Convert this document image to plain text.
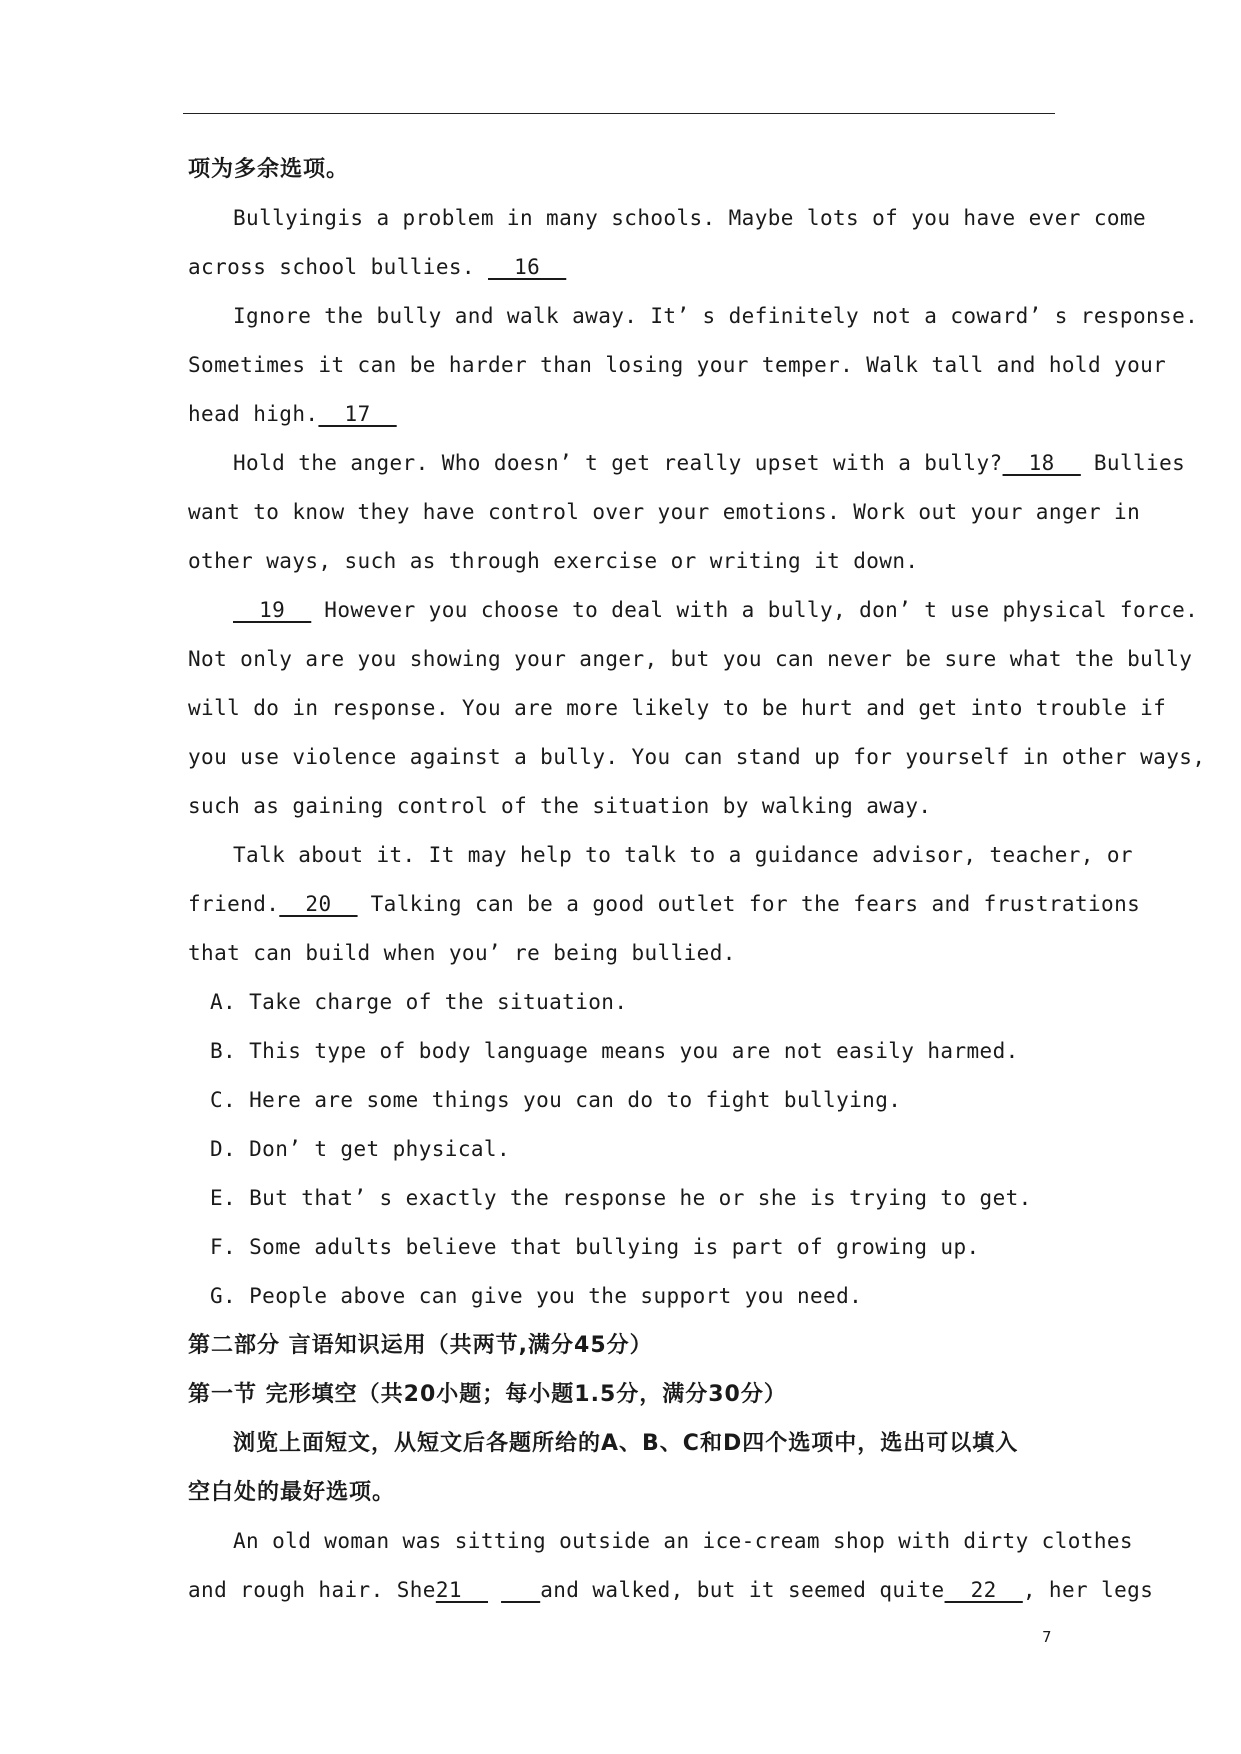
项为多余选项。
Bullyingis a problem in many schools. Maybe lots of you have ever come
across school bullies.   16
Ignore the bully and walk away. It’ s definitely not a coward’ s response.
Sometimes it can be harder than losing your temper. Walk tall and hold your
head high.  17
Hold the anger. Who doesn’ t get really upset with a bully?  18   Bullies
want to know they have control over your emotions. Work out your anger in
other ways, such as through exercise or writing it down.
19   However you choose to deal with a bully, don’ t use physical force.
Not only are you showing your anger, but you can never be sure what the bully
will do in response. You are more likely to be hurt and get into trouble if
you use violence against a bully. You can stand up for yourself in other ways,
such as gaining control of the situation by walking away.
Talk about it. It may help to talk to a guidance advisor, teacher, or
friend.  20   Talking can be a good outlet for the fears and frustrations
that can build when you’ re being bullied.
A. Take charge of the situation.
B. This type of body language means you are not easily harmed.
C. Here are some things you can do to fight bullying.
D. Don’ t get physical.
E. But that’ s exactly the response he or she is trying to get.
F. Some adults believe that bullying is part of growing up.
G. People above can give you the support you need.
第二部分 言语知识运用（共两节,满分45分）
第一节 完形填空（共20小题；每小题1.5分，满分30分）
浏览上面短文，从短文后各题所给的A、B、C和D四个选项中，选出可以填入
空白处的最好选项。
An old woman was sitting outside an ice-cream shop with dirty clothes
and rough hair. She21      and walked, but it seemed quite  22  , her legs
7
